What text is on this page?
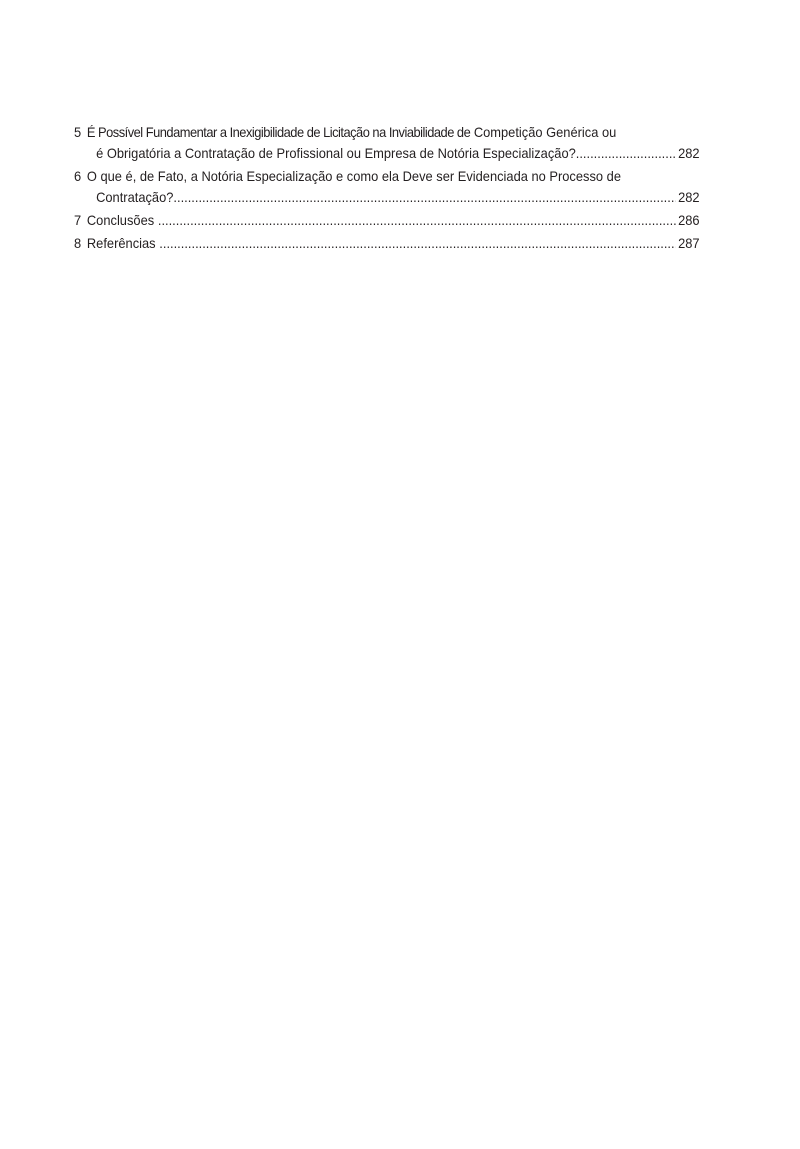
5 É Possível Fundamentar a Inexigibilidade de Licitação na Inviabilidade de Competição Genérica ou
é Obrigatória a Contratação de Profissional ou Empresa de Notória Especialização? .....	282
6 O que é, de Fato, a Notória Especialização e como ela Deve ser Evidenciada no Processo de
Contratação? .....	282
7 Conclusões .....	286
8 Referências .....	287
